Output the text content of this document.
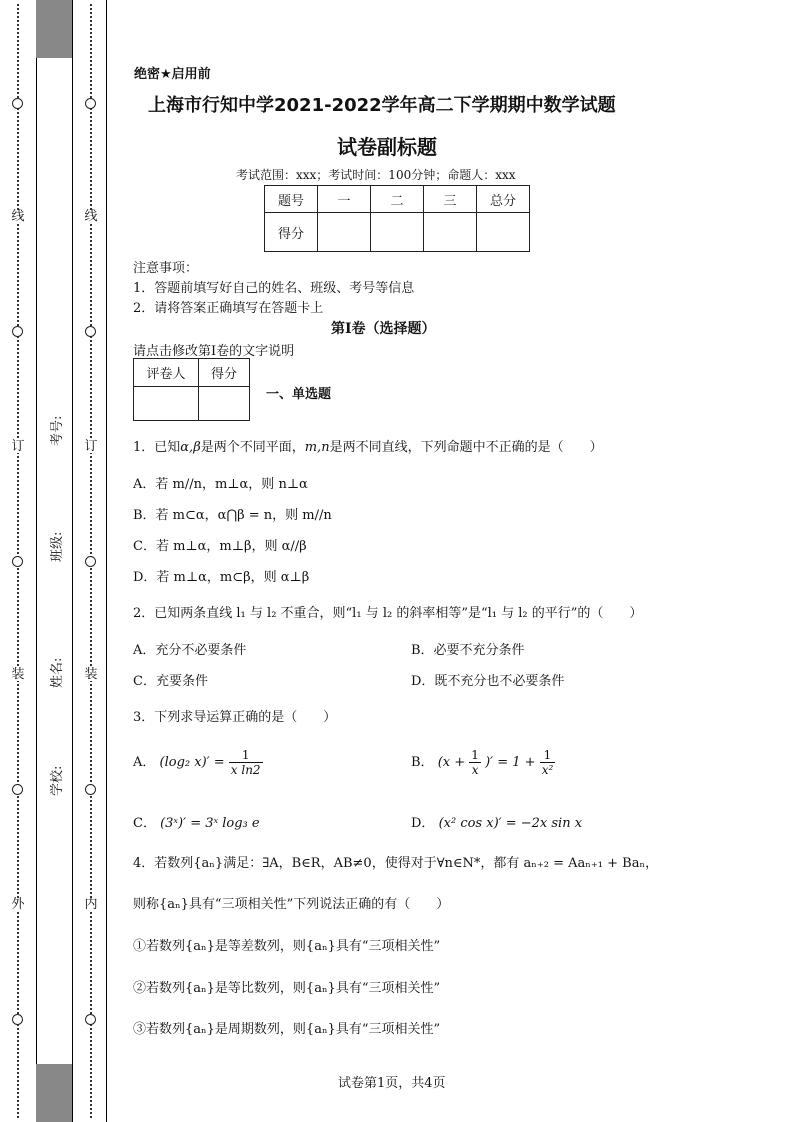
线
订
装
外
线
订
装
内
考号:
班级:
姓名:
学校:
绝密★启用前
上海市行知中学2021-2022学年高二下学期期中数学试题
试卷副标题
考试范围：xxx；考试时间：100分钟；命题人：xxx
题号	一	二	三	总分
得分				
注意事项：
1．答题前填写好自己的姓名、班级、考号等信息
2．请将答案正确填写在答题卡上
第I卷（选择题）
请点击修改第I卷的文字说明
评卷人	得分

一、单选题
1．已知α,β是两个不同平面，m,n是两不同直线，下列命题中不正确的是（　　）
A．若 m//n，m⊥α，则 n⊥α
B．若 m⊂α，α⋂β = n，则 m//n
C．若 m⊥α，m⊥β，则 α//β
D．若 m⊥α，m⊂β，则 α⊥β
2．已知两条直线 l₁ 与 l₂ 不重合，则“l₁ 与 l₂ 的斜率相等”是“l₁ 与 l₂ 的平行”的（　　）
A．充分不必要条件	B．必要不充分条件
C．充要条件	D．既不充分也不必要条件
3．下列求导运算正确的是（　　）
A． (log₂ $x)' = \frac{1}{\text{x ln2}}$	B． ($x + \frac{1}{x}$ )′ = $1 + \frac{1}{\text{x²}}$
C． (3ˣ)′ = 3ˣ log₃ e	D． (x² cos x)′ = −2x sin x
4．若数列{aₙ}满足：∃A，B∈R，AB≠0，使得对于∀n∈N*，都有 aₙ₊₂ = Aaₙ₊₁ + Baₙ，
则称{aₙ}具有“三项相关性”下列说法正确的有（　　）
①若数列{aₙ}是等差数列，则{aₙ}具有“三项相关性”
②若数列{aₙ}是等比数列，则{aₙ}具有“三项相关性”
③若数列{aₙ}是周期数列，则{aₙ}具有“三项相关性”
试卷第1页，共4页
